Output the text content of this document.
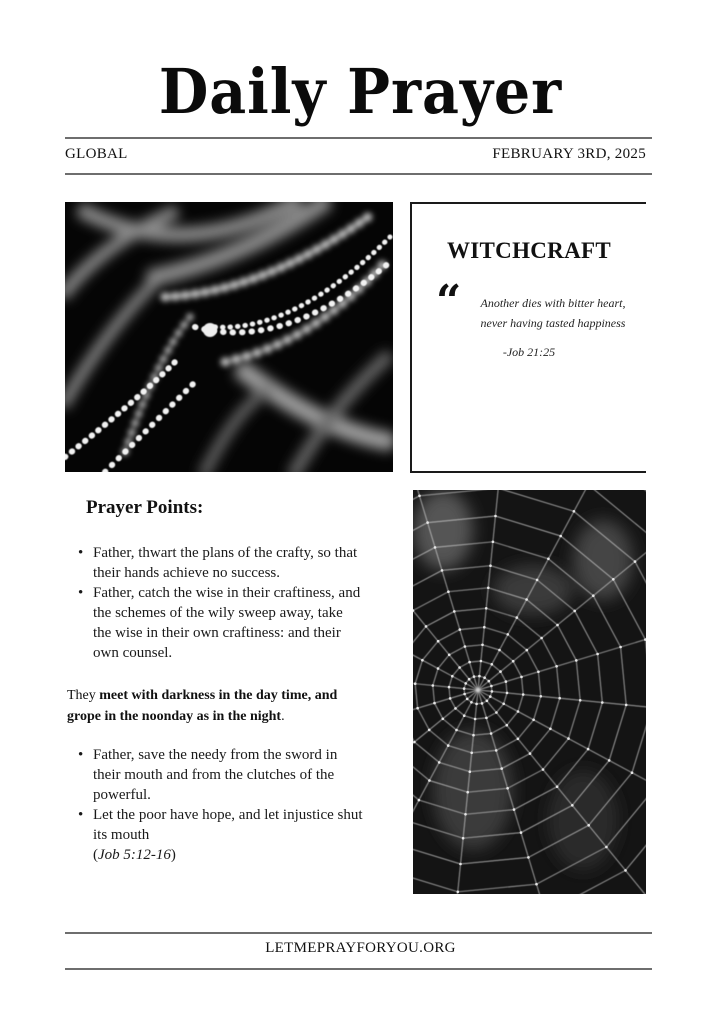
Daily Prayer
GLOBAL	FEBRUARY 3RD, 2025
WITCHCRAFT
“	Another dies with bitter heart,
never having tasted happiness
-Job 21:25
Prayer Points:
• Father, thwart the plans of the crafty, so that their hands achieve no success.
• Father, catch the wise in their craftiness, and the schemes of the wily sweep away, take the wise in their own craftiness: and their own counsel.

They meet with darkness in the day time, and grope in the noonday as in the night.

• Father, save the needy from the sword in their mouth and from the clutches of the powerful.
• Let the poor have hope, and let injustice shut its mouth
(Job 5:12-16)
LETMEPRAYFORYOU.ORG
